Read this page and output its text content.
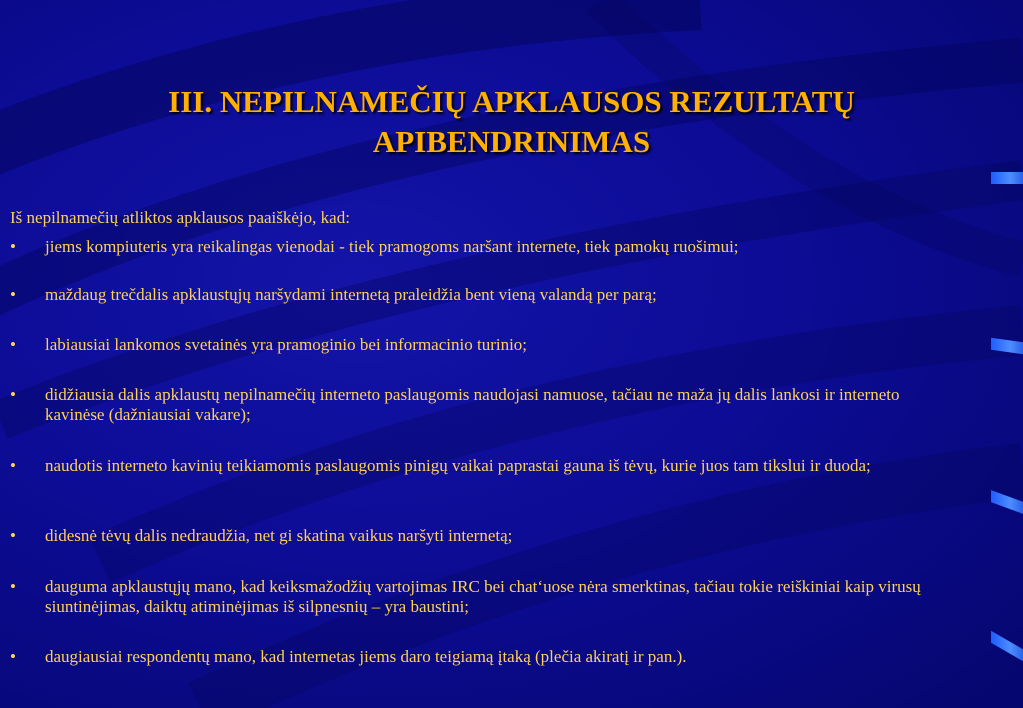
III. NEPILNAMEČIŲ APKLAUSOS REZULTATŲ
APIBENDRINIMAS
Iš nepilnamečių atliktos apklausos paaiškėjo, kad:
•	jiems kompiuteris yra reikalingas vienodai - tiek pramogoms naršant internete, tiek pamokų ruošimui;
•	maždaug trečdalis apklaustųjų naršydami internetą praleidžia bent vieną valandą per parą;
•	labiausiai lankomos svetainės yra pramoginio bei informacinio turinio;
•	didžiausia dalis apklaustų nepilnamečių interneto paslaugomis naudojasi namuose, tačiau ne maža jų dalis lankosi ir interneto kavinėse (dažniausiai vakare);
•	naudotis interneto kavinių teikiamomis paslaugomis pinigų vaikai paprastai gauna iš tėvų, kurie juos tam tikslui ir duoda;
•	didesnė tėvų dalis nedraudžia, net gi skatina vaikus naršyti internetą;
•	dauguma apklaustųjų mano, kad keiksmažodžių vartojimas IRC bei chat‘uose nėra smerktinas, tačiau tokie reiškiniai kaip virusų siuntinėjimas, daiktų atiminėjimas iš silpnesnių – yra baustini;
•	daugiausiai respondentų mano, kad internetas jiems daro teigiamą įtaką (plečia akiratį ir pan.).
